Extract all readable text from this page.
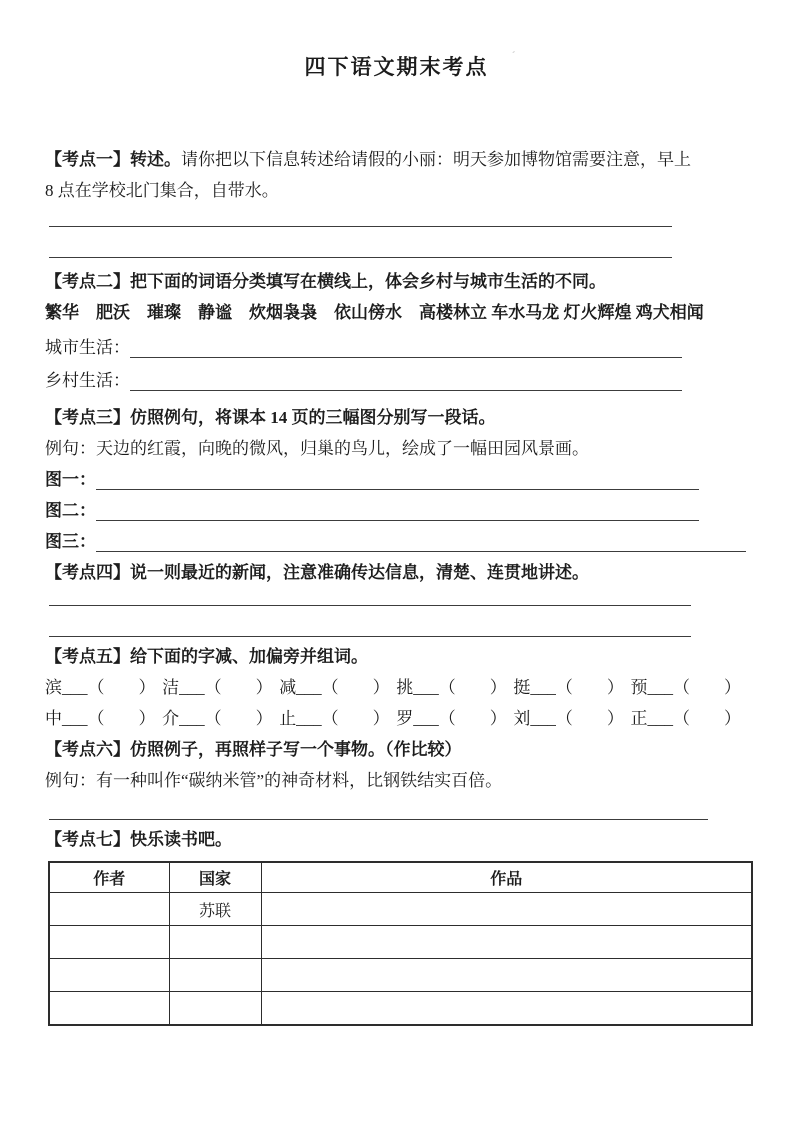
四下语文期末考点	ˊ
【考点一】转述。请你把以下信息转述给请假的小丽：明天参加博物馆需要注意，早上
8 点在学校北门集合，自带水。
【考点二】把下面的词语分类填写在横线上，体会乡村与城市生活的不同。
繁华　肥沃　璀璨　静谧　炊烟袅袅　依山傍水　高楼林立 车水马龙 灯火辉煌 鸡犬相闻
城市生活：
乡村生活：
【考点三】仿照例句，将课本 14 页的三幅图分别写一段话。
例句：天边的红霞，向晚的微风，归巢的鸟儿，绘成了一幅田园风景画。
图一：
图二：
图三：
【考点四】说一则最近的新闻，注意准确传达信息，清楚、连贯地讲述。
【考点五】给下面的字减、加偏旁并组词。
滨___（　　） 洁___（　　） 减___（　　） 挑___（　　） 挺___（　　） 预___（　　）
中___（　　） 介___（　　） 止___（　　） 罗___（　　） 刘___（　　） 正___（　　）
【考点六】仿照例子，再照样子写一个事物。（作比较）
例句：有一种叫作“碳纳米管”的神奇材料，比钢铁结实百倍。
【考点七】快乐读书吧。
作者	国家	作品
	苏联	
